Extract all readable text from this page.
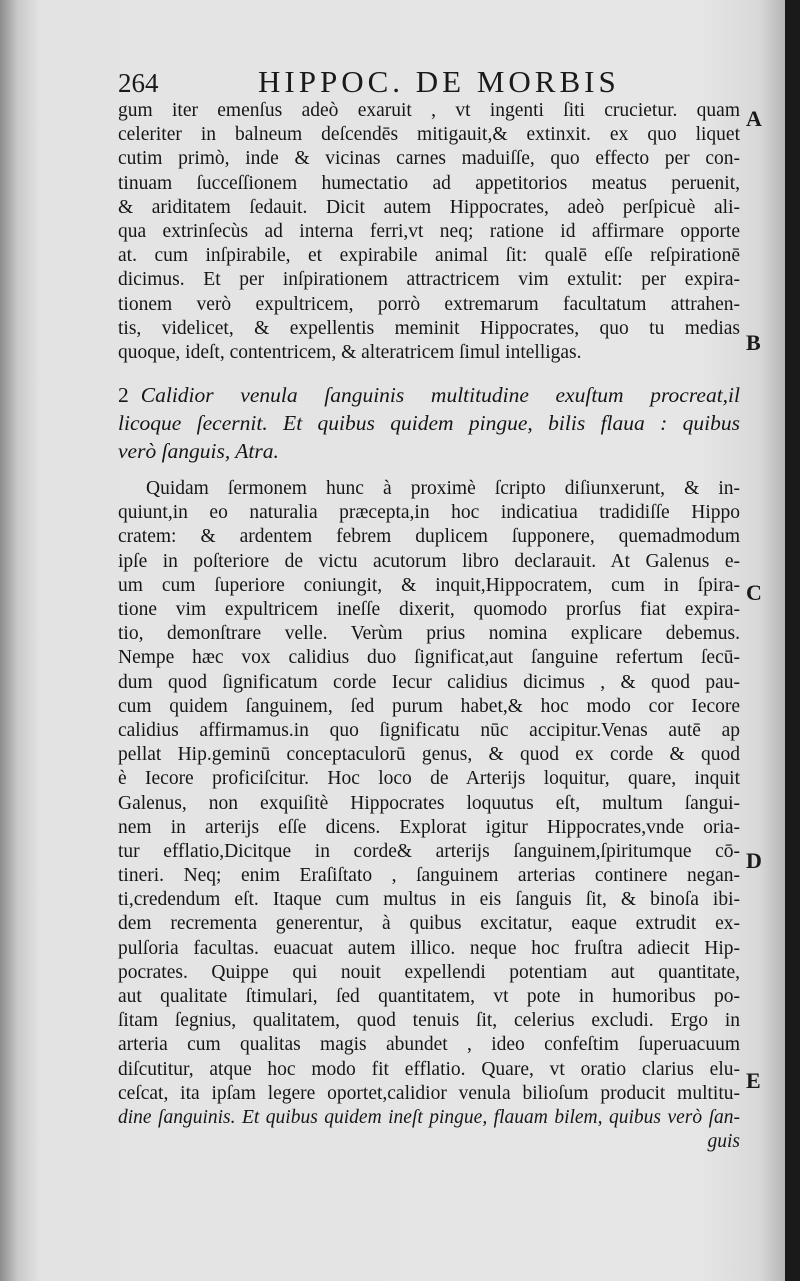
264	HIPPOC. DE MORBIS
A
B
C
D
E
gum iter emenſus adeò exaruit , vt ingenti ſiti crucietur. quam
celeriter in balneum deſcendēs mitigauit,& extinxit. ex quo liquet
cutim primò, inde & vicinas carnes maduiſſe, quo effecto per con-
tinuam ſucceſſionem humectatio ad appetitorios meatus peruenit,
& ariditatem ſedauit. Dicit autem Hippocrates, adeò perſpicuè ali-
qua extrinſecùs ad interna ferri,vt neq; ratione id affirmare opporte
at. cum inſpirabile, et expirabile animal ſit: qualē eſſe reſpirationē
dicimus. Et per inſpirationem attractricem vim extulit: per expira-
tionem verò expultricem, porrò extremarum facultatum attrahen-
tis, videlicet, & expellentis meminit Hippocrates, quo tu medias
quoque, ideſt, contentricem, & alteratricem ſimul intelligas.
2 Calidior venula ſanguinis multitudine exuſtum procreat,il
licoque ſecernit. Et quibus quidem pingue, bilis flaua : quibus
verò ſanguis, Atra.
Quidam ſermonem hunc à proximè ſcripto diſiunxerunt, & in-
quiunt,in eo naturalia præcepta,in hoc indicatiua tradidiſſe Hippo
cratem: & ardentem febrem duplicem ſupponere, quemadmodum
ipſe in poſteriore de victu acutorum libro declarauit. At Galenus e-
um cum ſuperiore coniungit, & inquit,Hippocratem, cum in ſpira-
tione vim expultricem ineſſe dixerit, quomodo prorſus fiat expira-
tio, demonſtrare velle. Verùm prius nomina explicare debemus.
Nempe hæc vox calidius duo ſignificat,aut ſanguine refertum ſecū-
dum quod ſignificatum corde Iecur calidius dicimus , & quod pau-
cum quidem ſanguinem, ſed purum habet,& hoc modo cor Iecore
calidius affirmamus.in quo ſignificatu nūc accipitur.Venas autē ap
pellat Hip.geminū conceptaculorū genus, & quod ex corde & quod
è Iecore proficiſcitur. Hoc loco de Arterijs loquitur, quare, inquit
Galenus, non exquiſitè Hippocrates loquutus eſt, multum ſangui-
nem in arterijs eſſe dicens. Explorat igitur Hippocrates,vnde oria-
tur efflatio,Dicitque in corde& arterijs ſanguinem,ſpiritumque cō-
tineri. Neq; enim Eraſiſtato , ſanguinem arterias continere negan-
ti,credendum eſt. Itaque cum multus in eis ſanguis ſit, & binoſa ibi-
dem recrementa generentur, à quibus excitatur, eaque extrudit ex-
pulſoria facultas. euacuat autem illico. neque hoc fruſtra adiecit Hip-
pocrates. Quippe qui nouit expellendi potentiam aut quantitate,
aut qualitate ſtimulari, ſed quantitatem, vt pote in humoribus po-
ſitam ſegnius, qualitatem, quod tenuis ſit, celerius excludi. Ergo in
arteria cum qualitas magis abundet , ideo confeſtim ſuperuacuum
diſcutitur, atque hoc modo fit efflatio. Quare, vt oratio clarius elu-
ceſcat, ita ipſam legere oportet,calidior venula bilioſum producit multitu-
dine ſanguinis. Et quibus quidem ineſt pingue, flauam bilem, quibus verò ſan-
guis
